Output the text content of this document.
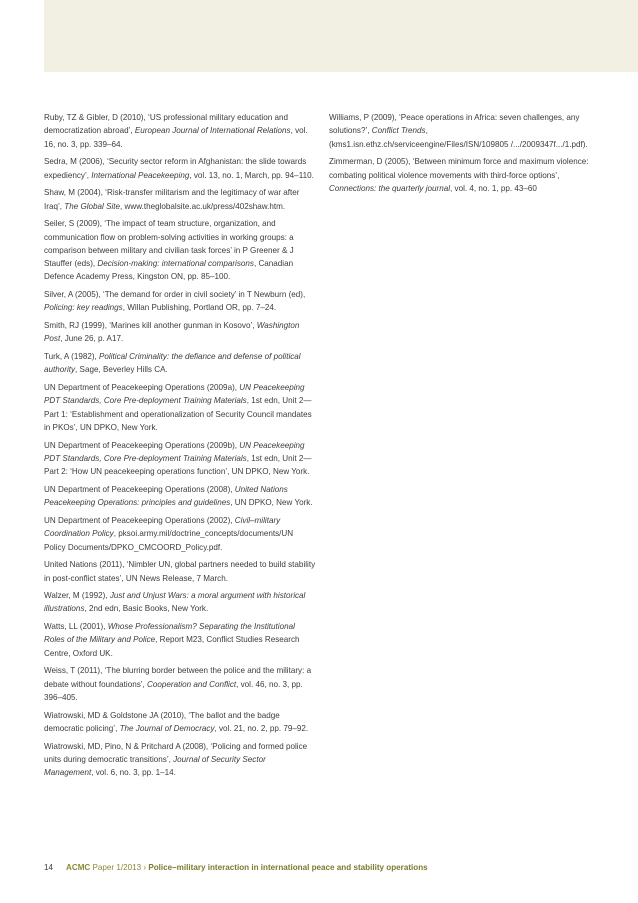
Ruby, TZ & Gibler, D (2010), ‘US professional military education and democratization abroad’, European Journal of International Relations, vol. 16, no. 3, pp. 339–64.

Sedra, M (2006), ‘Security sector reform in Afghanistan: the slide towards expediency’, International Peacekeeping, vol. 13, no. 1, March, pp. 94–110.

Shaw, M (2004), ‘Risk-transfer militarism and the legitimacy of war after Iraq’, The Global Site, www.theglobalsite.ac.uk/press/402shaw.htm.

Seiler, S (2009), ‘The impact of team structure, organization, and communication flow on problem-solving activities in working groups: a comparison between military and civilian task forces’ in P Greener & J Stauffer (eds), Decision-making: international comparisons, Canadian Defence Academy Press, Kingston ON, pp. 85–100.

Silver, A (2005), ‘The demand for order in civil society’ in T Newburn (ed), Policing: key readings, Willan Publishing, Portland OR, pp. 7–24.

Smith, RJ (1999), ‘Marines kill another gunman in Kosovo’, Washington Post, June 26, p. A17.

Turk, A (1982), Political Criminality: the defiance and defense of political authority, Sage, Beverley Hills CA.

UN Department of Peacekeeping Operations (2009a), UN Peacekeeping PDT Standards, Core Pre-deployment Training Materials, 1st edn, Unit 2—Part 1: ‘Establishment and operationalization of Security Council mandates in PKOs’, UN DPKO, New York.

UN Department of Peacekeeping Operations (2009b), UN Peacekeeping PDT Standards, Core Pre-deployment Training Materials, 1st edn, Unit 2—Part 2: ‘How UN peacekeeping operations function’, UN DPKO, New York.

UN Department of Peacekeeping Operations (2008), United Nations Peacekeeping Operations: principles and guidelines, UN DPKO, New York.

UN Department of Peacekeeping Operations (2002), Civil–military Coordination Policy, pksoi.army.mil/doctrine_concepts/documents/UN Policy Documents/DPKO_CMCOORD_Policy.pdf.

United Nations (2011), ‘Nimbler UN, global partners needed to build stability in post-conflict states’, UN News Release, 7 March.

Walzer, M (1992), Just and Unjust Wars: a moral argument with historical illustrations, 2nd edn, Basic Books, New York.

Watts, LL (2001), Whose Professionalism? Separating the Institutional Roles of the Military and Police, Report M23, Conflict Studies Research Centre, Oxford UK.

Weiss, T (2011), ‘The blurring border between the police and the military: a debate without foundations’, Cooperation and Conflict, vol. 46, no. 3, pp. 396–405.

Wiatrowski, MD & Goldstone JA (2010), ‘The ballot and the badge democratic policing’, The Journal of Democracy, vol. 21, no. 2, pp. 79–92.

Wiatrowski, MD, Pino, N & Pritchard A (2008), ‘Policing and formed police units during democratic transitions’, Journal of Security Sector Management, vol. 6, no. 3, pp. 1–14.

Williams, P (2009), ‘Peace operations in Africa: seven challenges, any solutions?’, Conflict Trends, (kms1.isn.ethz.ch/serviceengine/Files/ISN/109805 /.../2009347f.../1.pdf).

Zimmerman, D (2005), ‘Between minimum force and maximum violence: combating political violence movements with third-force options’, Connections: the quarterly journal, vol. 4, no. 1, pp. 43–60

14 ACMC Paper 1/2013 › Police–military interaction in international peace and stability operations
